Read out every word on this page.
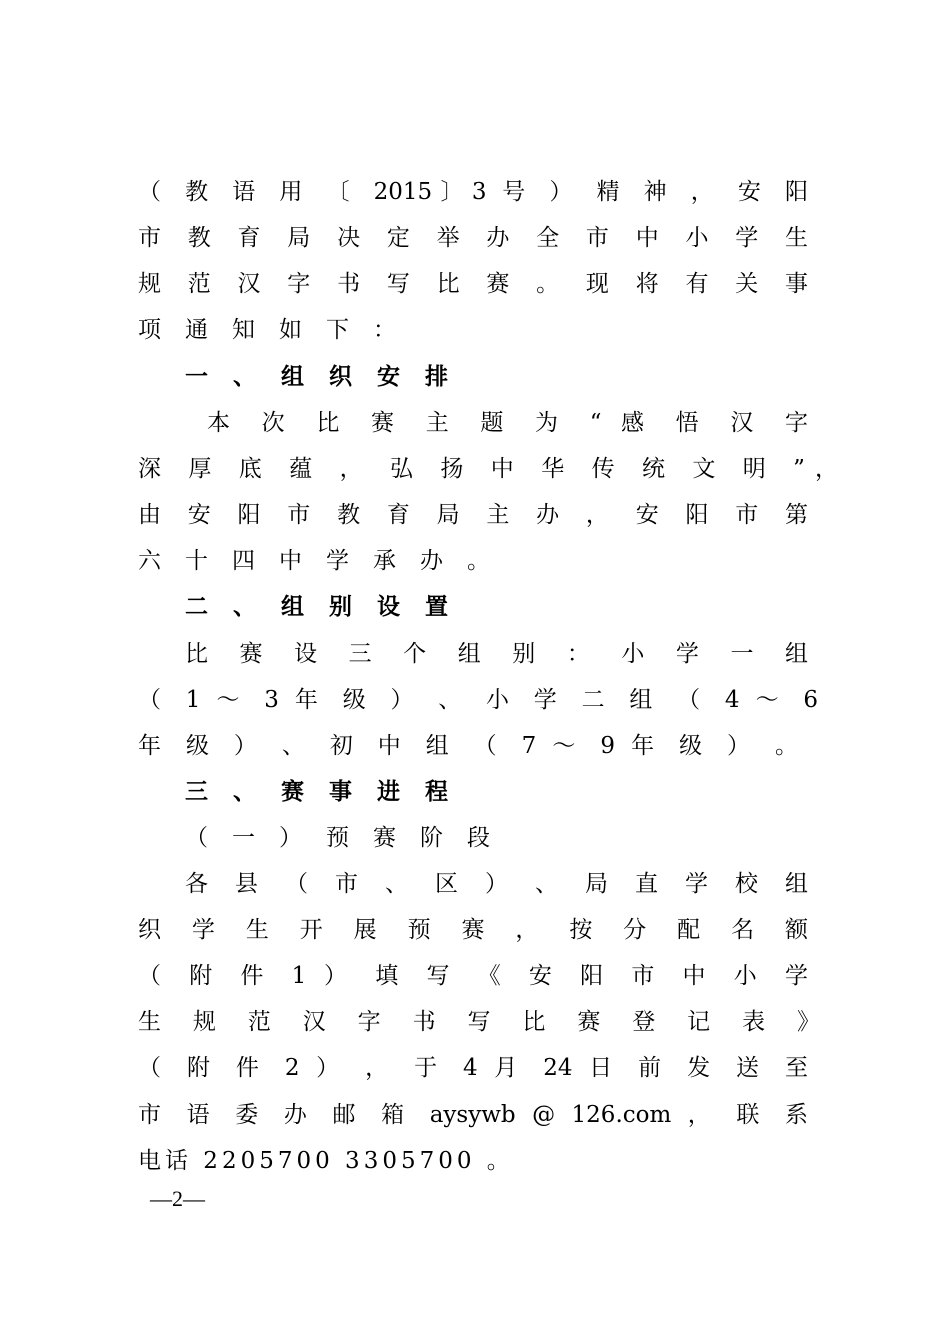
（ 教 语 用 〔 2015〕3 号 ） 精 神 ， 安 阳
市 教 育 局 决 定 举 办 全 市 中 小 学 生
规 范 汉 字 书 写 比 赛 。 现 将 有 关 事
项通知如下：
一、组织安排
本 次 比 赛 主 题 为 “ 感 悟 汉 字
深 厚 底 蕴 ， 弘 扬 中 华 传 统 文 明 ”，
由 安 阳 市 教 育 局 主 办 ， 安 阳 市 第
六十四中学承办。
二、组别设置
比 赛 设 三 个 组 别 ： 小 学 一 组
（ 1 ～ 3 年 级 ） 、 小 学 二 组 （ 4 ～ 6
年 级 ） 、 初 中 组 （ 7 ～ 9 年 级 ） 。
三、赛事进程
（一）预赛阶段
各 县 （ 市 、 区 ） 、 局 直 学 校 组
织 学 生 开 展 预 赛 ， 按 分 配 名 额
（ 附 件 1 ） 填 写 《 安 阳 市 中 小 学
生 规 范 汉 字 书 写 比 赛 登 记 表 》
（ 附 件 2 ） ， 于 4 月 24 日 前 发 送 至
市 语 委 办 邮 箱 aysywb @ 126.com ， 联 系
电话 2205700 3305700 。
—2—
